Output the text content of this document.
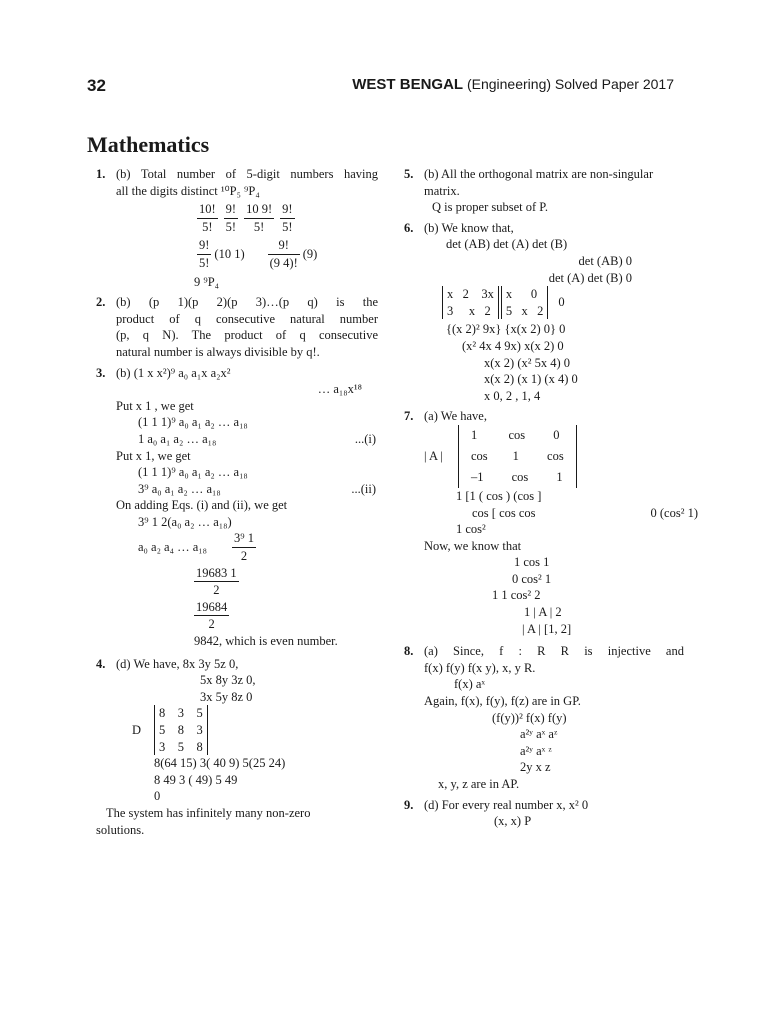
32	WEST BENGAL (Engineering) Solved Paper 2017
Mathematics
1. (b) Total number of 5-digit numbers having
all the digits distinct ¹⁰P₅ ⁹P₄
$\frac{10!}{5!} \frac{9!}{5!} \frac{10 9!}{5!} \frac{9!}{5!}$
$\frac{9!}{5!} (10$ $1) \frac{9!}{(9 4)!} (9)$
9 ⁹P₄
2. (b) (p 1)(p 2)(p 3)…(p q) is the
product of q consecutive natural number
(p, q N). The product of q consecutive
natural number is always divisible by q!.
3. (b) (1 x x²)⁹ a₀ a₁x a₂x²
… a₁₈x¹⁸
Put x 1 , we get
(1 1 1)⁹ a₀ a₁ a₂ … a₁₈
1 a₀ a₁ a₂ … a₁₈	...(i)
Put x 1, we get
(1 1 1)⁹ a₀ a₁ a₂ … a₁₈
3⁹ a₀ a₁ a₂ … a₁₈	...(ii)
On adding Eqs. (i) and (ii), we get
3⁹ 1 2(a₀ a₂ … a₁₈)
a₀ a₂ a₄ … $a_{18} \frac{\text{3⁹ 1}}{2}$
$\frac{19683 1}{2}$
$\frac{19684}{2}$
9842, which is even number.
4. (d) We have, 8x 3y 5z 0,
5x 8y 3z 0,
3x 5y 8z 0
D
8    3    5
5    8    3
3    5    8
8(64 15) 3( 40 9) 5(25 24)
8 49 3 ( 49) 5 49
0
The system has infinitely many non-zero
solutions.
5. (b) All the orthogonal matrix are non-singular
matrix.
Q is proper subset of P.
6. (b) We know that,
det (AB) det (A) det (B)
det (AB) 0
det (A) det (B) 0
x   2    3x
3     x   2
x      0
5   x   2
0
{(x 2)² 9x} {x(x 2) 0} 0
(x² 4x 4 9x) x(x 2) 0
x(x 2) (x² 5x 4) 0
x(x 2) (x 1) (x 4) 0
x 0, 2 , 1, 4
7. (a) We have,
| A |
1          cos         0
cos        1         cos
–1         cos         1
1 [1 ( cos ) (cos ]
cos [ cos cos	0 (cos² 1)
1 cos²
Now, we know that
1 cos 1
0 cos² 1
1 1 cos² 2
1 | A | 2
| A | [1, 2]
8. (a) Since, f : R R is injective and
f(x) f(y) f(x y), x, y R.
f(x) aˣ
Again, f(x), f(y), f(z) are in GP.
(f(y))² f(x) f(y)
a²ʸ aˣ aᶻ
a²ʸ aˣ ᶻ
2y x z
x, y, z are in AP.
9. (d) For every real number x, x² 0
(x, x) P
